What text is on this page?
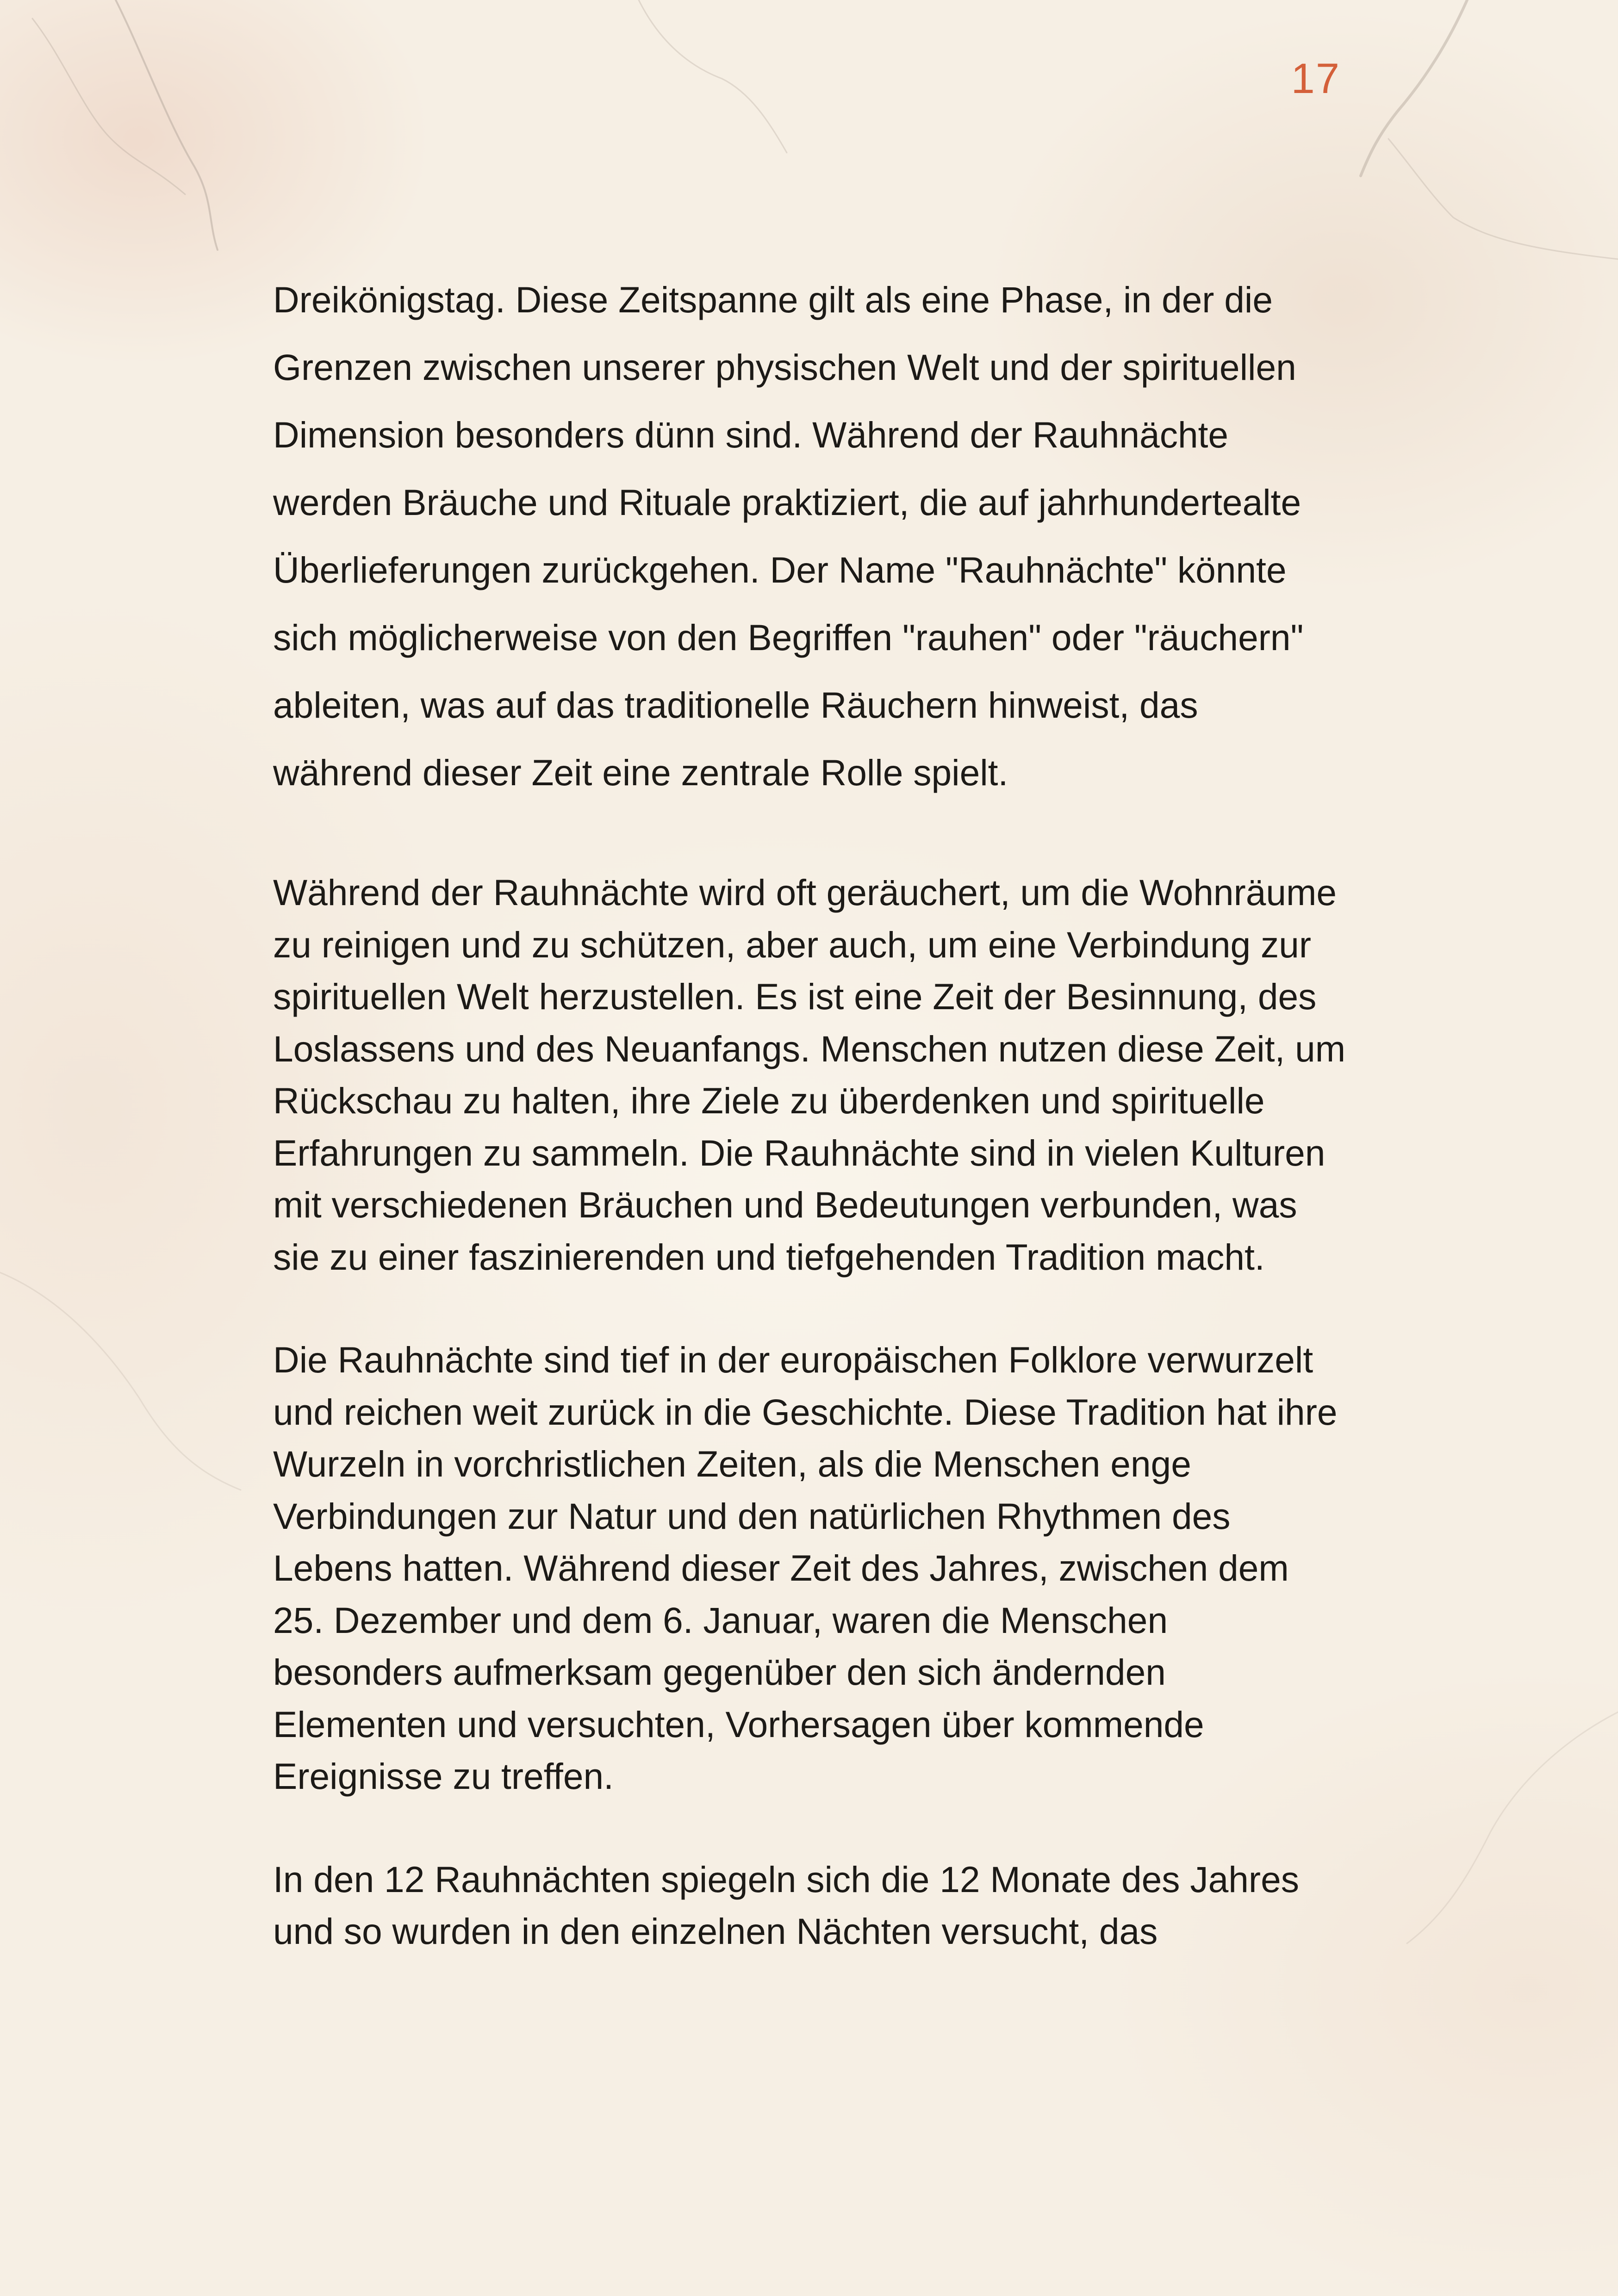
17

Dreikönigstag. Diese Zeitspanne gilt als eine Phase, in der die Grenzen zwischen unserer physischen Welt und der spirituellen Dimension besonders dünn sind. Während der Rauhnächte werden Bräuche und Rituale praktiziert, die auf jahrhundertealte Überlieferungen zurückgehen. Der Name "Rauhnächte" könnte sich möglicherweise von den Begriffen "rauhen" oder "räuchern" ableiten, was auf das traditionelle Räuchern hinweist, das während dieser Zeit eine zentrale Rolle spielt.

Während der Rauhnächte wird oft geräuchert, um die Wohnräume zu reinigen und zu schützen, aber auch, um eine Verbindung zur spirituellen Welt herzustellen. Es ist eine Zeit der Besinnung, des Loslassens und des Neuanfangs. Menschen nutzen diese Zeit, um Rückschau zu halten, ihre Ziele zu überdenken und spirituelle Erfahrungen zu sammeln. Die Rauhnächte sind in vielen Kulturen mit verschiedenen Bräuchen und Bedeutungen verbunden, was sie zu einer faszinierenden und tiefgehenden Tradition macht.

Die Rauhnächte sind tief in der europäischen Folklore verwurzelt und reichen weit zurück in die Geschichte. Diese Tradition hat ihre Wurzeln in vorchristlichen Zeiten, als die Menschen enge Verbindungen zur Natur und den natürlichen Rhythmen des Lebens hatten. Während dieser Zeit des Jahres, zwischen dem 25. Dezember und dem 6. Januar, waren die Menschen besonders aufmerksam gegenüber den sich ändernden Elementen und versuchten, Vorhersagen über kommende Ereignisse zu treffen.

In den 12 Rauhnächten spiegeln sich die 12 Monate des Jahres und so wurden in den einzelnen Nächten versucht, das
